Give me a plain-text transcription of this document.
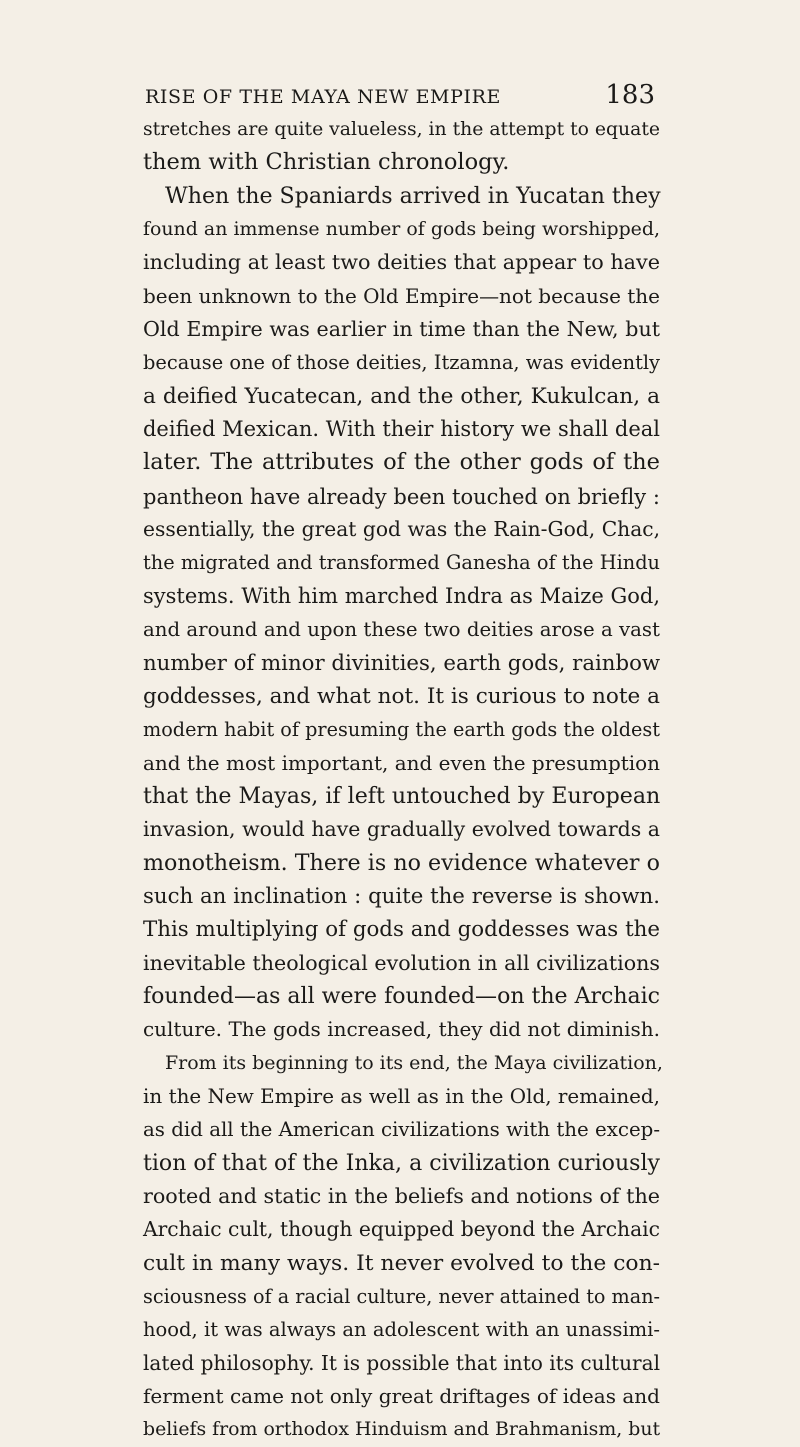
RISE OF THE MAYA NEW EMPIRE	183
stretches are quite valueless, in the attempt to equate
them with Christian chronology.
When the Spaniards arrived in Yucatan they
found an immense number of gods being worshipped,
including at least two deities that appear to have
been unknown to the Old Empire—not because the
Old Empire was earlier in time than the New, but
because one of those deities, Itzamna, was evidently
a deified Yucatecan, and the other, Kukulcan, a
deified Mexican. With their history we shall deal
later. The attributes of the other gods of the
pantheon have already been touched on briefly :
essentially, the great god was the Rain-God, Chac,
the migrated and transformed Ganesha of the Hindu
systems. With him marched Indra as Maize God,
and around and upon these two deities arose a vast
number of minor divinities, earth gods, rainbow
goddesses, and what not. It is curious to note a
modern habit of presuming the earth gods the oldest
and the most important, and even the presumption
that the Mayas, if left untouched by European
invasion, would have gradually evolved towards a
monotheism. There is no evidence whatever o
such an inclination : quite the reverse is shown.
This multiplying of gods and goddesses was the
inevitable theological evolution in all civilizations
founded—as all were founded—on the Archaic
culture. The gods increased, they did not diminish.
From its beginning to its end, the Maya civilization,
in the New Empire as well as in the Old, remained,
as did all the American civilizations with the excep-
tion of that of the Inka, a civilization curiously
rooted and static in the beliefs and notions of the
Archaic cult, though equipped beyond the Archaic
cult in many ways. It never evolved to the con-
sciousness of a racial culture, never attained to man-
hood, it was always an adolescent with an unassimi-
lated philosophy. It is possible that into its cultural
ferment came not only great driftages of ideas and
beliefs from orthodox Hinduism and Brahmanism, but
